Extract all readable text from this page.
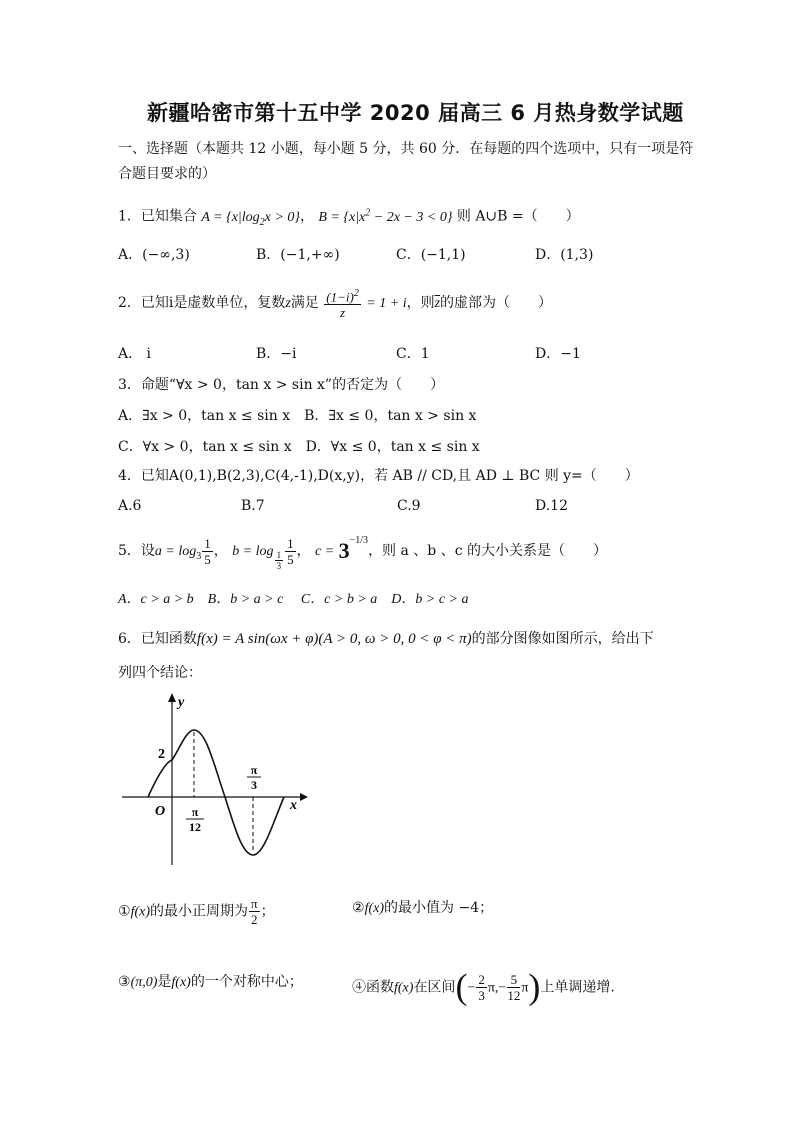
新疆哈密市第十五中学 2020 届高三 6 月热身数学试题
一、选择题（本题共 12 小题，每小题 5 分，共 60 分．在每题的四个选项中，只有一项是符
合题目要求的）
1．已知集合 $A = \{x|\log_2x > 0\}$， $B = \{x|x^2 - 2x - 3 < 0\}$ 则 A∪B =（　　）
A．(−∞,3)	B．(−1,+∞)	C．(−1,1)	D．(1,3)
2．已知i是虚数单位，复数z满足 $\frac{(1-i)^2}{z} = 1 + i$，则$\overline{z}$的虚部为（　　）
A． i	B．−i	C．1	D．−1
3．命题“∀x > 0，tan x > sin x”的否定为（　　）
A．∃x > 0，tan x ≤ sin x　B．∃x ≤ 0，tan x > sin x
C．∀x > 0，tan x ≤ sin x　D．∀x ≤ 0，tan x ≤ sin x
4．已知A(0,1),B(2,3),C(4,-1),D(x,y)，若 AB // CD,且 AD ⊥ BC 则 y=（　　）
A.6	B.7	C.9	D.12
5．设$a = \log_3 \frac{1}{5}$ ， $b = \log \frac{1}{3} \frac{1}{5}$ ， $c = 3^{-1/3}$，则 a 、b 、c 的大小关系是（　　）
A．c > a > b　B．b > a > c　 C．c > b > a　D．b > c > a
6．已知函数f(x) = A sin(ωx + φ)(A > 0, ω > 0, 0 < φ < π)的部分图像如图所示，给出下
列四个结论：
y
x
O
2
π
12
π
3
①f(x)的最小正周期为 $\frac{\pi}{2}$ ；	②f(x)的最小值为 −4；
③(π,0)是f(x)的一个对称中心；	④函数f(x)在区间(− $\frac{2}{3} \pi,- \frac{5}{12} \pi$)上单调递增.
